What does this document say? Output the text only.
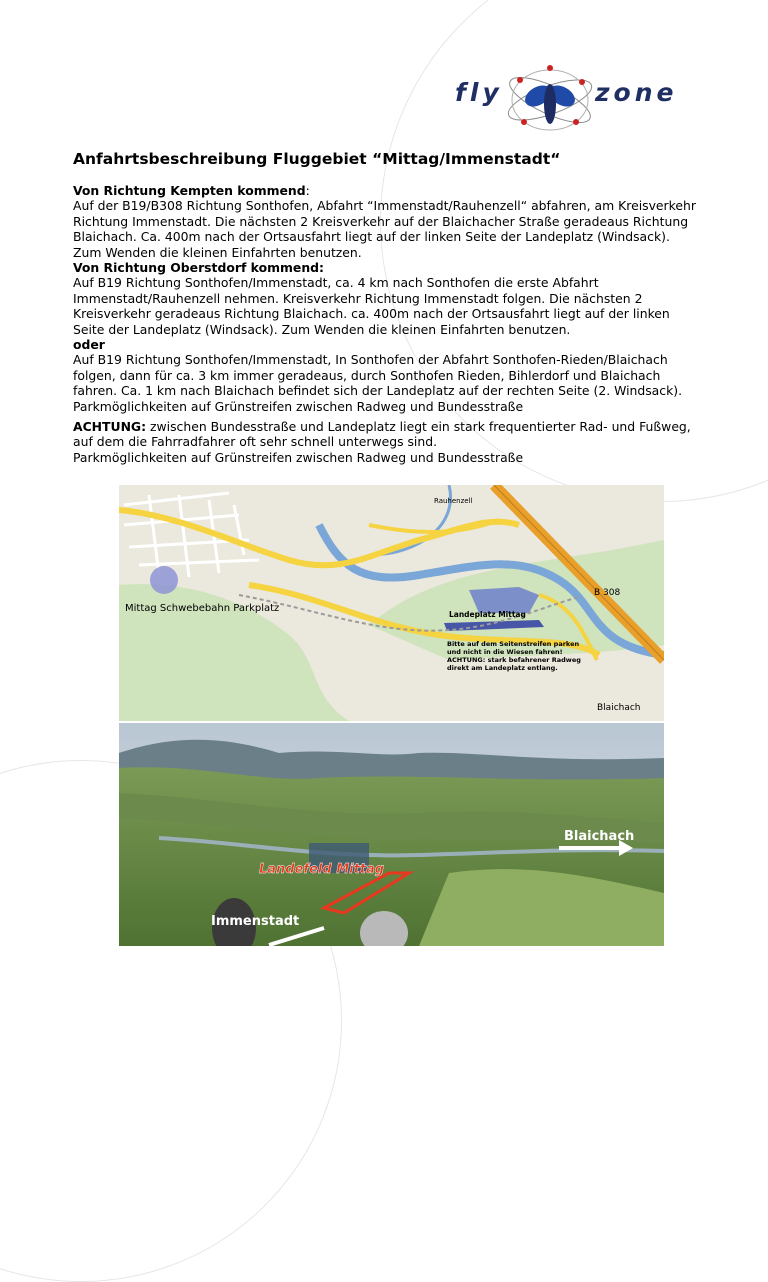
fly	zone
Anfahrtsbeschreibung Fluggebiet “Mittag/Immenstadt“

Von Richtung Kempten kommend:

Auf der B19/B308 Richtung Sonthofen, Abfahrt “Immenstadt/Rauhenzell“ abfahren, am Kreisverkehr

Richtung Immenstadt. Die nächsten 2 Kreisverkehr auf der Blaichacher Straße geradeaus Richtung

Blaichach. Ca. 400m nach der Ortsausfahrt liegt auf der linken Seite der Landeplatz (Windsack).

Zum Wenden die kleinen Einfahrten benutzen.

Von Richtung Oberstdorf kommend:

Auf B19 Richtung Sonthofen/Immenstadt, ca. 4 km nach Sonthofen die erste Abfahrt

Immenstadt/Rauhenzell nehmen. Kreisverkehr Richtung Immenstadt folgen. Die nächsten 2

Kreisverkehr geradeaus Richtung Blaichach. ca. 400m nach der Ortsausfahrt liegt auf der linken

Seite der Landeplatz (Windsack). Zum Wenden die kleinen Einfahrten benutzen.

oder

Auf B19 Richtung Sonthofen/Immenstadt, In Sonthofen der Abfahrt Sonthofen-Rieden/Blaichach

folgen, dann für ca. 3 km immer geradeaus, durch Sonthofen Rieden, Bihlerdorf und Blaichach

fahren. Ca. 1 km nach Blaichach befindet sich der Landeplatz auf der rechten Seite (2. Windsack).

Parkmöglichkeiten auf Grünstreifen zwischen Radweg und Bundesstraße

ACHTUNG: zwischen Bundesstraße und Landeplatz liegt ein stark frequentierter Rad- und Fußweg,

auf dem die Fahrradfahrer oft sehr schnell unterwegs sind.

Parkmöglichkeiten auf Grünstreifen zwischen Radweg und Bundesstraße

Mittag Schwebebahn Parkplatz
Landeplatz Mittag
B 308
Blaichach
Rauhenzell
Bitte auf dem Seitenstreifen parken
und nicht in die Wiesen fahren!
ACHTUNG: stark befahrener Radweg
direkt am Landeplatz entlang.
Landefeld Mittag
Immenstadt
Blaichach
